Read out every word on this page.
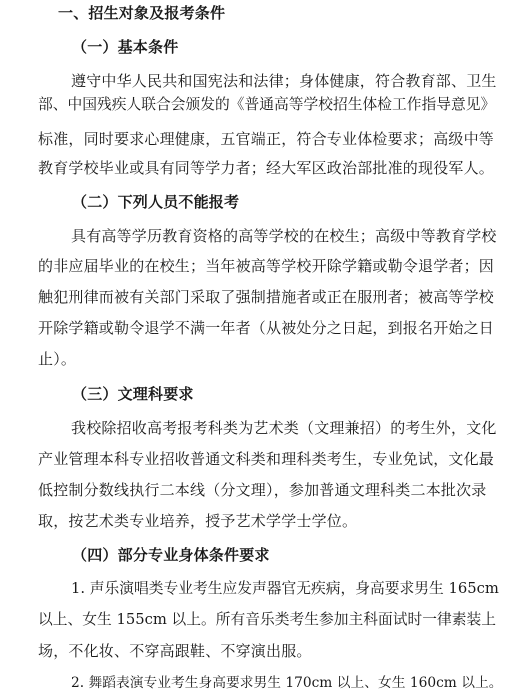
一、招生对象及报考条件
（一）基本条件
遵守中华人民共和国宪法和法律；身体健康，符合教育部、卫生
部、中国残疾人联合会颁发的《普通高等学校招生体检工作指导意见》
标准，同时要求心理健康，五官端正，符合专业体检要求；高级中等
教育学校毕业或具有同等学力者；经大军区政治部批准的现役军人。
（二）下列人员不能报考
具有高等学历教育资格的高等学校的在校生；高级中等教育学校
的非应届毕业的在校生；当年被高等学校开除学籍或勒令退学者；因
触犯刑律而被有关部门采取了强制措施者或正在服刑者；被高等学校
开除学籍或勒令退学不满一年者（从被处分之日起，到报名开始之日
止）。
（三）文理科要求
我校除招收高考报考科类为艺术类（文理兼招）的考生外，文化
产业管理本科专业招收普通文科类和理科类考生，专业免试，文化最
低控制分数线执行二本线（分文理），参加普通文理科类二本批次录
取，按艺术类专业培养，授予艺术学学士学位。
（四）部分专业身体条件要求
1. 声乐演唱类专业考生应发声器官无疾病，身高要求男生 165cm
以上、女生 155cm 以上。所有音乐类考生参加主科面试时一律素装上
场，不化妆、不穿高跟鞋、不穿演出服。
2. 舞蹈表演专业考生身高要求男生 170cm 以上、女生 160cm 以上。
